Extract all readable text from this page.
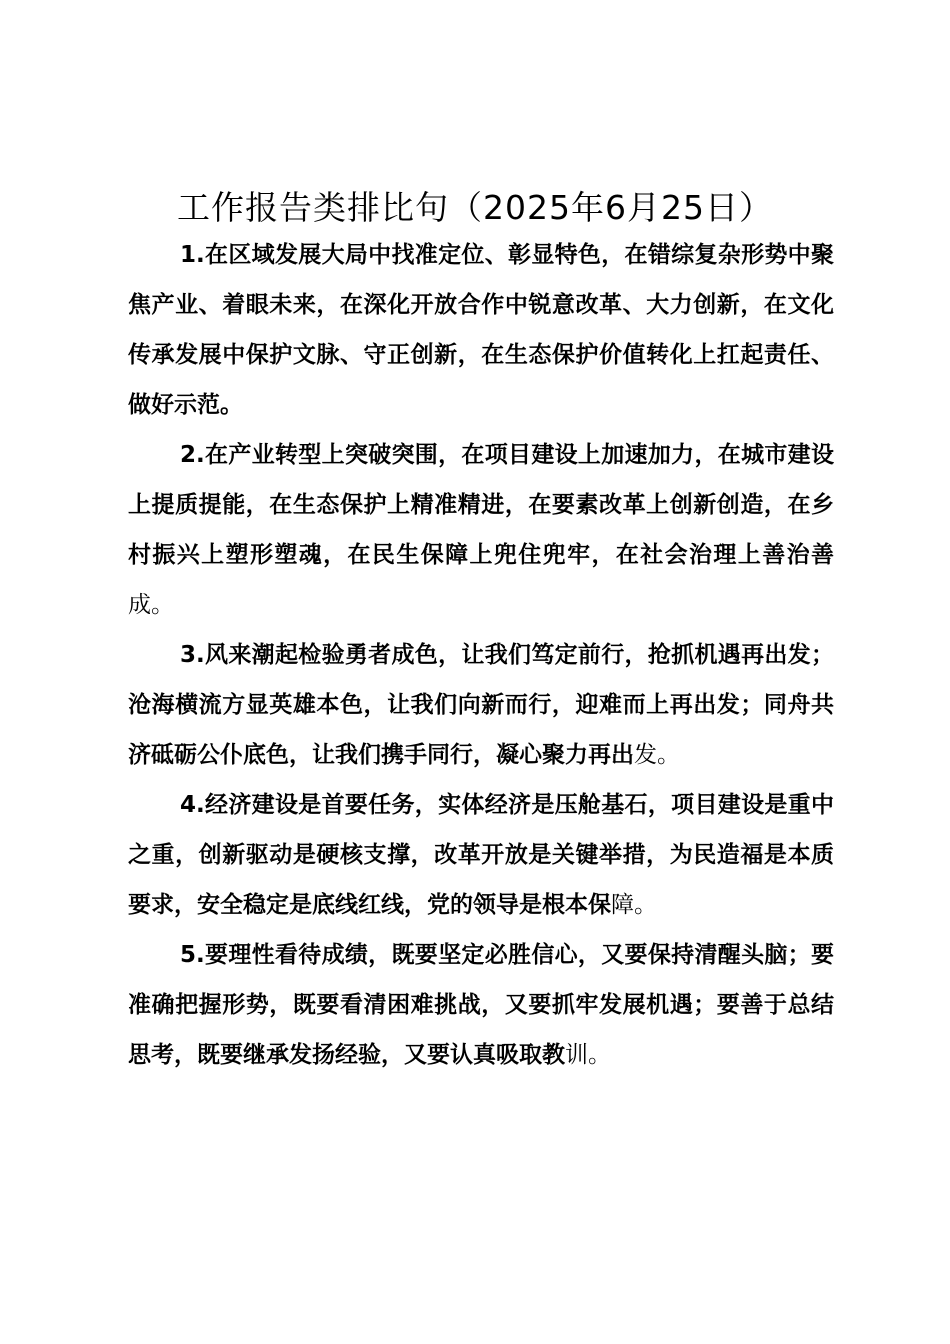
工作报告类排比句（2025年6月25日）

1.在区域发展大局中找准定位、彰显特色，在错综复杂形势中聚焦产业、着眼未来，在深化开放合作中锐意改革、大力创新，在文化传承发展中保护文脉、守正创新，在生态保护价值转化上扛起责任、做好示范。

2.在产业转型上突破突围，在项目建设上加速加力，在城市建设上提质提能，在生态保护上精准精进，在要素改革上创新创造，在乡村振兴上塑形塑魂，在民生保障上兜住兜牢，在社会治理上善治善成。

3.风来潮起检验勇者成色，让我们笃定前行，抢抓机遇再出发；沧海横流方显英雄本色，让我们向新而行，迎难而上再出发；同舟共济砥砺公仆底色，让我们携手同行，凝心聚力再出发。

4.经济建设是首要任务，实体经济是压舱基石，项目建设是重中之重，创新驱动是硬核支撑，改革开放是关键举措，为民造福是本质要求，安全稳定是底线红线，党的领导是根本保障。

5.要理性看待成绩，既要坚定必胜信心，又要保持清醒头脑；要准确把握形势，既要看清困难挑战，又要抓牢发展机遇；要善于总结思考，既要继承发扬经验，又要认真吸取教训。
